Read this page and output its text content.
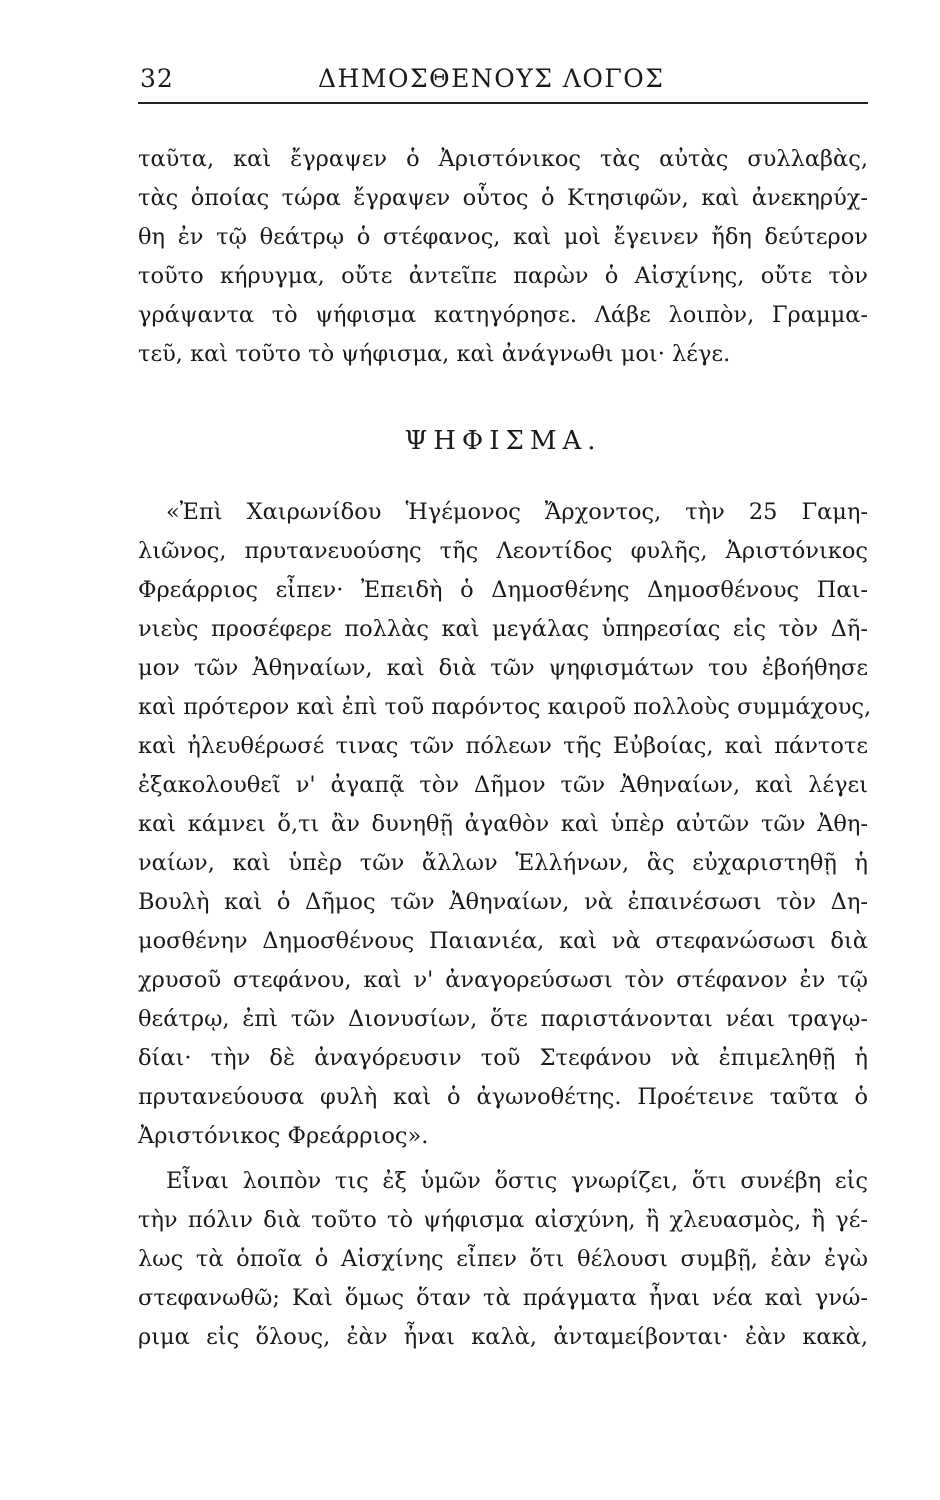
32	ΔΗΜΟΣΘΕΝΟΥΣ ΛΟΓΟΣ
ταῦτα, καὶ ἔγραψεν ὁ Ἀριστόνικος τὰς αὐτὰς συλλαβὰς,
τὰς ὁποίας τώρα ἔγραψεν οὗτος ὁ Κτησιφῶν, καὶ ἀνεκηρύχ-
θη ἐν τῷ θεάτρῳ ὁ στέφανος, καὶ μοὶ ἔγεινεν ἤδη δεύτερον
τοῦτο κήρυγμα, οὔτε ἀντεῖπε παρὼν ὁ Αἰσχίνης, οὔτε τὸν
γράψαντα τὸ ψήφισμα κατηγόρησε. Λάβε λοιπὸν, Γραμμα-
τεῦ, καὶ τοῦτο τὸ ψήφισμα, καὶ ἀνάγνωθι μοι· λέγε.
ΨΗΦΙΣΜΑ.
«Ἐπὶ Χαιρωνίδου Ἡγέμονος Ἄρχοντος, τὴν 25 Γαμη-
λιῶνος, πρυτανευούσης τῆς Λεοντίδος φυλῆς, Ἀριστόνικος
Φρεάρριος εἶπεν· Ἐπειδὴ ὁ Δημοσθένης Δημοσθένους Παι-
νιεὺς προσέφερε πολλὰς καὶ μεγάλας ὑπηρεσίας εἰς τὸν Δῆ-
μον τῶν Ἀθηναίων, καὶ διὰ τῶν ψηφισμάτων του ἐβοήθησε
καὶ πρότερον καὶ ἐπὶ τοῦ παρόντος καιροῦ πολλοὺς συμμάχους,
καὶ ἠλευθέρωσέ τινας τῶν πόλεων τῆς Εὐβοίας, καὶ πάντοτε
ἐξακολουθεῖ ν' ἀγαπᾷ τὸν Δῆμον τῶν Ἀθηναίων, καὶ λέγει
καὶ κάμνει ὅ,τι ἂν δυνηθῇ ἀγαθὸν καὶ ὑπὲρ αὐτῶν τῶν Ἀθη-
ναίων, καὶ ὑπὲρ τῶν ἄλλων Ἑλλήνων, ἃς εὐχαριστηθῇ ἡ
Βουλὴ καὶ ὁ Δῆμος τῶν Ἀθηναίων, νὰ ἐπαινέσωσι τὸν Δη-
μοσθένην Δημοσθένους Παιανιέα, καὶ νὰ στεφανώσωσι διὰ
χρυσοῦ στεφάνου, καὶ ν' ἀναγορεύσωσι τὸν στέφανον ἐν τῷ
θεάτρῳ, ἐπὶ τῶν Διονυσίων, ὅτε παριστάνονται νέαι τραγῳ-
δίαι· τὴν δὲ ἀναγόρευσιν τοῦ Στεφάνου νὰ ἐπιμεληθῇ ἡ
πρυτανεύουσα φυλὴ καὶ ὁ ἀγωνοθέτης. Προέτεινε ταῦτα ὁ
Ἀριστόνικος Φρεάρριος».
Εἶναι λοιπὸν τις ἐξ ὑμῶν ὅστις γνωρίζει, ὅτι συνέβη εἰς
τὴν πόλιν διὰ τοῦτο τὸ ψήφισμα αἰσχύνη, ἢ χλευασμὸς, ἢ γέ-
λως τὰ ὁποῖα ὁ Αἰσχίνης εἶπεν ὅτι θέλουσι συμβῇ, ἐὰν ἐγὼ
στεφανωθῶ; Καὶ ὅμως ὅταν τὰ πράγματα ἦναι νέα καὶ γνώ-
ριμα εἰς ὅλους, ἐὰν ἦναι καλὰ, ἀνταμείβονται· ἐὰν κακὰ,
